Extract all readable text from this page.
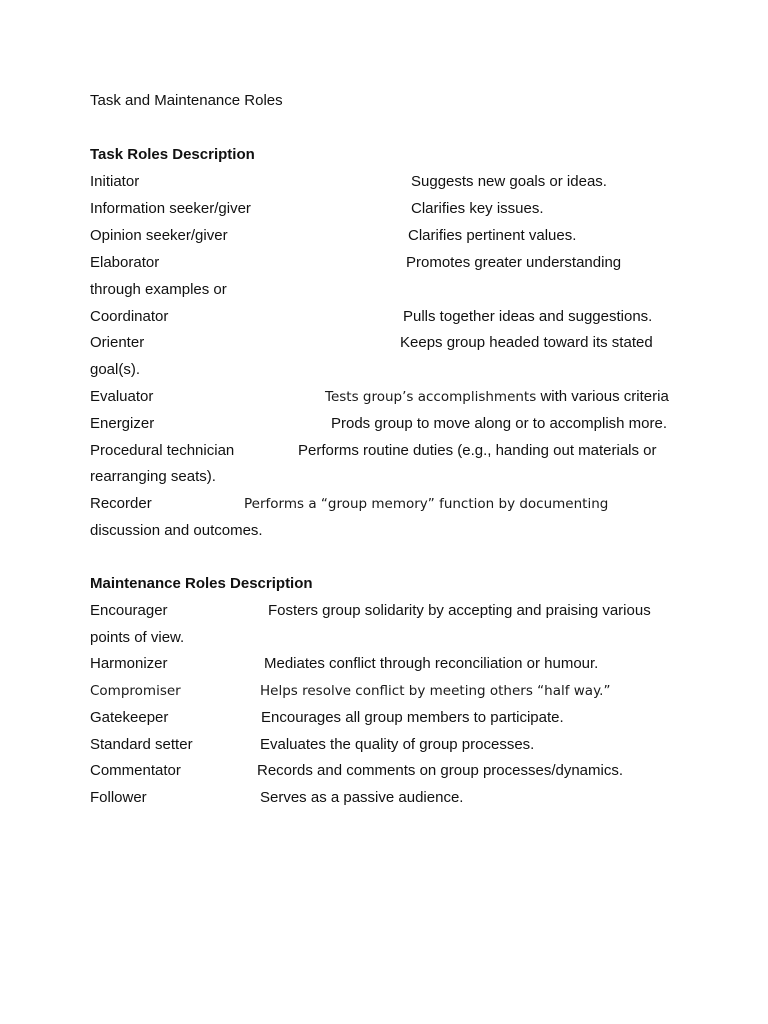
Task and Maintenance Roles
Task Roles Description
Initiator	Suggests new goals or ideas.
Information seeker/giver	Clarifies key issues.
Opinion seeker/giver	Clarifies pertinent values.
Elaborator	Promotes greater understanding
through examples or
Coordinator	Pulls together ideas and suggestions.
Orienter	Keeps group headed toward its stated
goal(s).
Evaluator	Tests group’s accomplishments with various criteria
Energizer	Prods group to move along or to accomplish more.
Procedural technician	Performs routine duties (e.g., handing out materials or
rearranging seats).
Recorder	Performs a “group memory” function by documenting
discussion and outcomes.
Maintenance Roles Description
Encourager	Fosters group solidarity by accepting and praising various
points of view.
Harmonizer	Mediates conflict through reconciliation or humour.
Compromiser	Helps resolve conflict by meeting others “half way.”
Gatekeeper	Encourages all group members to participate.
Standard setter	Evaluates the quality of group processes.
Commentator	Records and comments on group processes/dynamics.
Follower	Serves as a passive audience.
